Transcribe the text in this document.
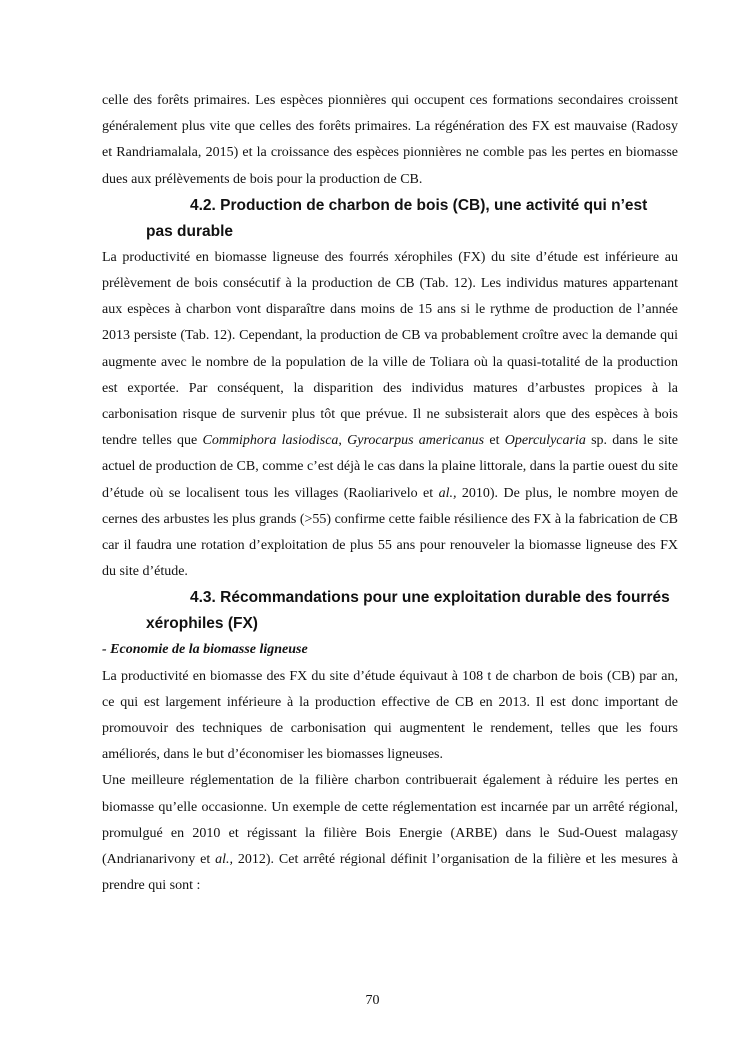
celle des forêts primaires. Les espèces pionnières qui occupent ces formations secondaires croissent généralement plus vite que celles des forêts primaires. La régénération des FX est mauvaise (Radosy et Randriamalala, 2015) et la croissance des espèces pionnières ne comble pas les pertes en biomasse dues aux prélèvements de bois pour la production de CB.

4.2. Production de charbon de bois (CB), une activité qui n’est pas durable

La productivité en biomasse ligneuse des fourrés xérophiles (FX) du site d’étude est inférieure au prélèvement de bois consécutif à la production de CB (Tab. 12). Les individus matures appartenant aux espèces à charbon vont disparaître dans moins de 15 ans si le rythme de production de l’année 2013 persiste (Tab. 12). Cependant, la production de CB va probablement croître avec la demande qui augmente avec le nombre de la population de la ville de Toliara où la quasi-totalité de la production est exportée. Par conséquent, la disparition des individus matures d’arbustes propices à la carbonisation risque de survenir plus tôt que prévue. Il ne subsisterait alors que des espèces à bois tendre telles que Commiphora lasiodisca, Gyrocarpus americanus et Operculycaria sp. dans le site actuel de production de CB, comme c’est déjà le cas dans la plaine littorale, dans la partie ouest du site d’étude où se localisent tous les villages (Raoliarivelo et al., 2010). De plus, le nombre moyen de cernes des arbustes les plus grands (>55) confirme cette faible résilience des FX à la fabrication de CB car il faudra une rotation d’exploitation de plus 55 ans pour renouveler la biomasse ligneuse des FX du site d’étude.

4.3. Récommandations pour une exploitation durable des fourrés xérophiles (FX)
- Economie de la biomasse ligneuse

La productivité en biomasse des FX du site d’étude équivaut à 108 t de charbon de bois (CB) par an, ce qui est largement inférieure à la production effective de CB en 2013. Il est donc important de promouvoir des techniques de carbonisation qui augmentent le rendement, telles que les fours améliorés, dans le but d’économiser les biomasses ligneuses.

Une meilleure réglementation de la filière charbon contribuerait également à réduire les pertes en biomasse qu’elle occasionne. Un exemple de cette réglementation est incarnée par un arrêté régional, promulgué en 2010 et régissant la filière Bois Energie (ARBE) dans le Sud-Ouest malagasy (Andrianarivony et al., 2012). Cet arrêté régional définit l’organisation de la filière et les mesures à prendre qui sont :

70
